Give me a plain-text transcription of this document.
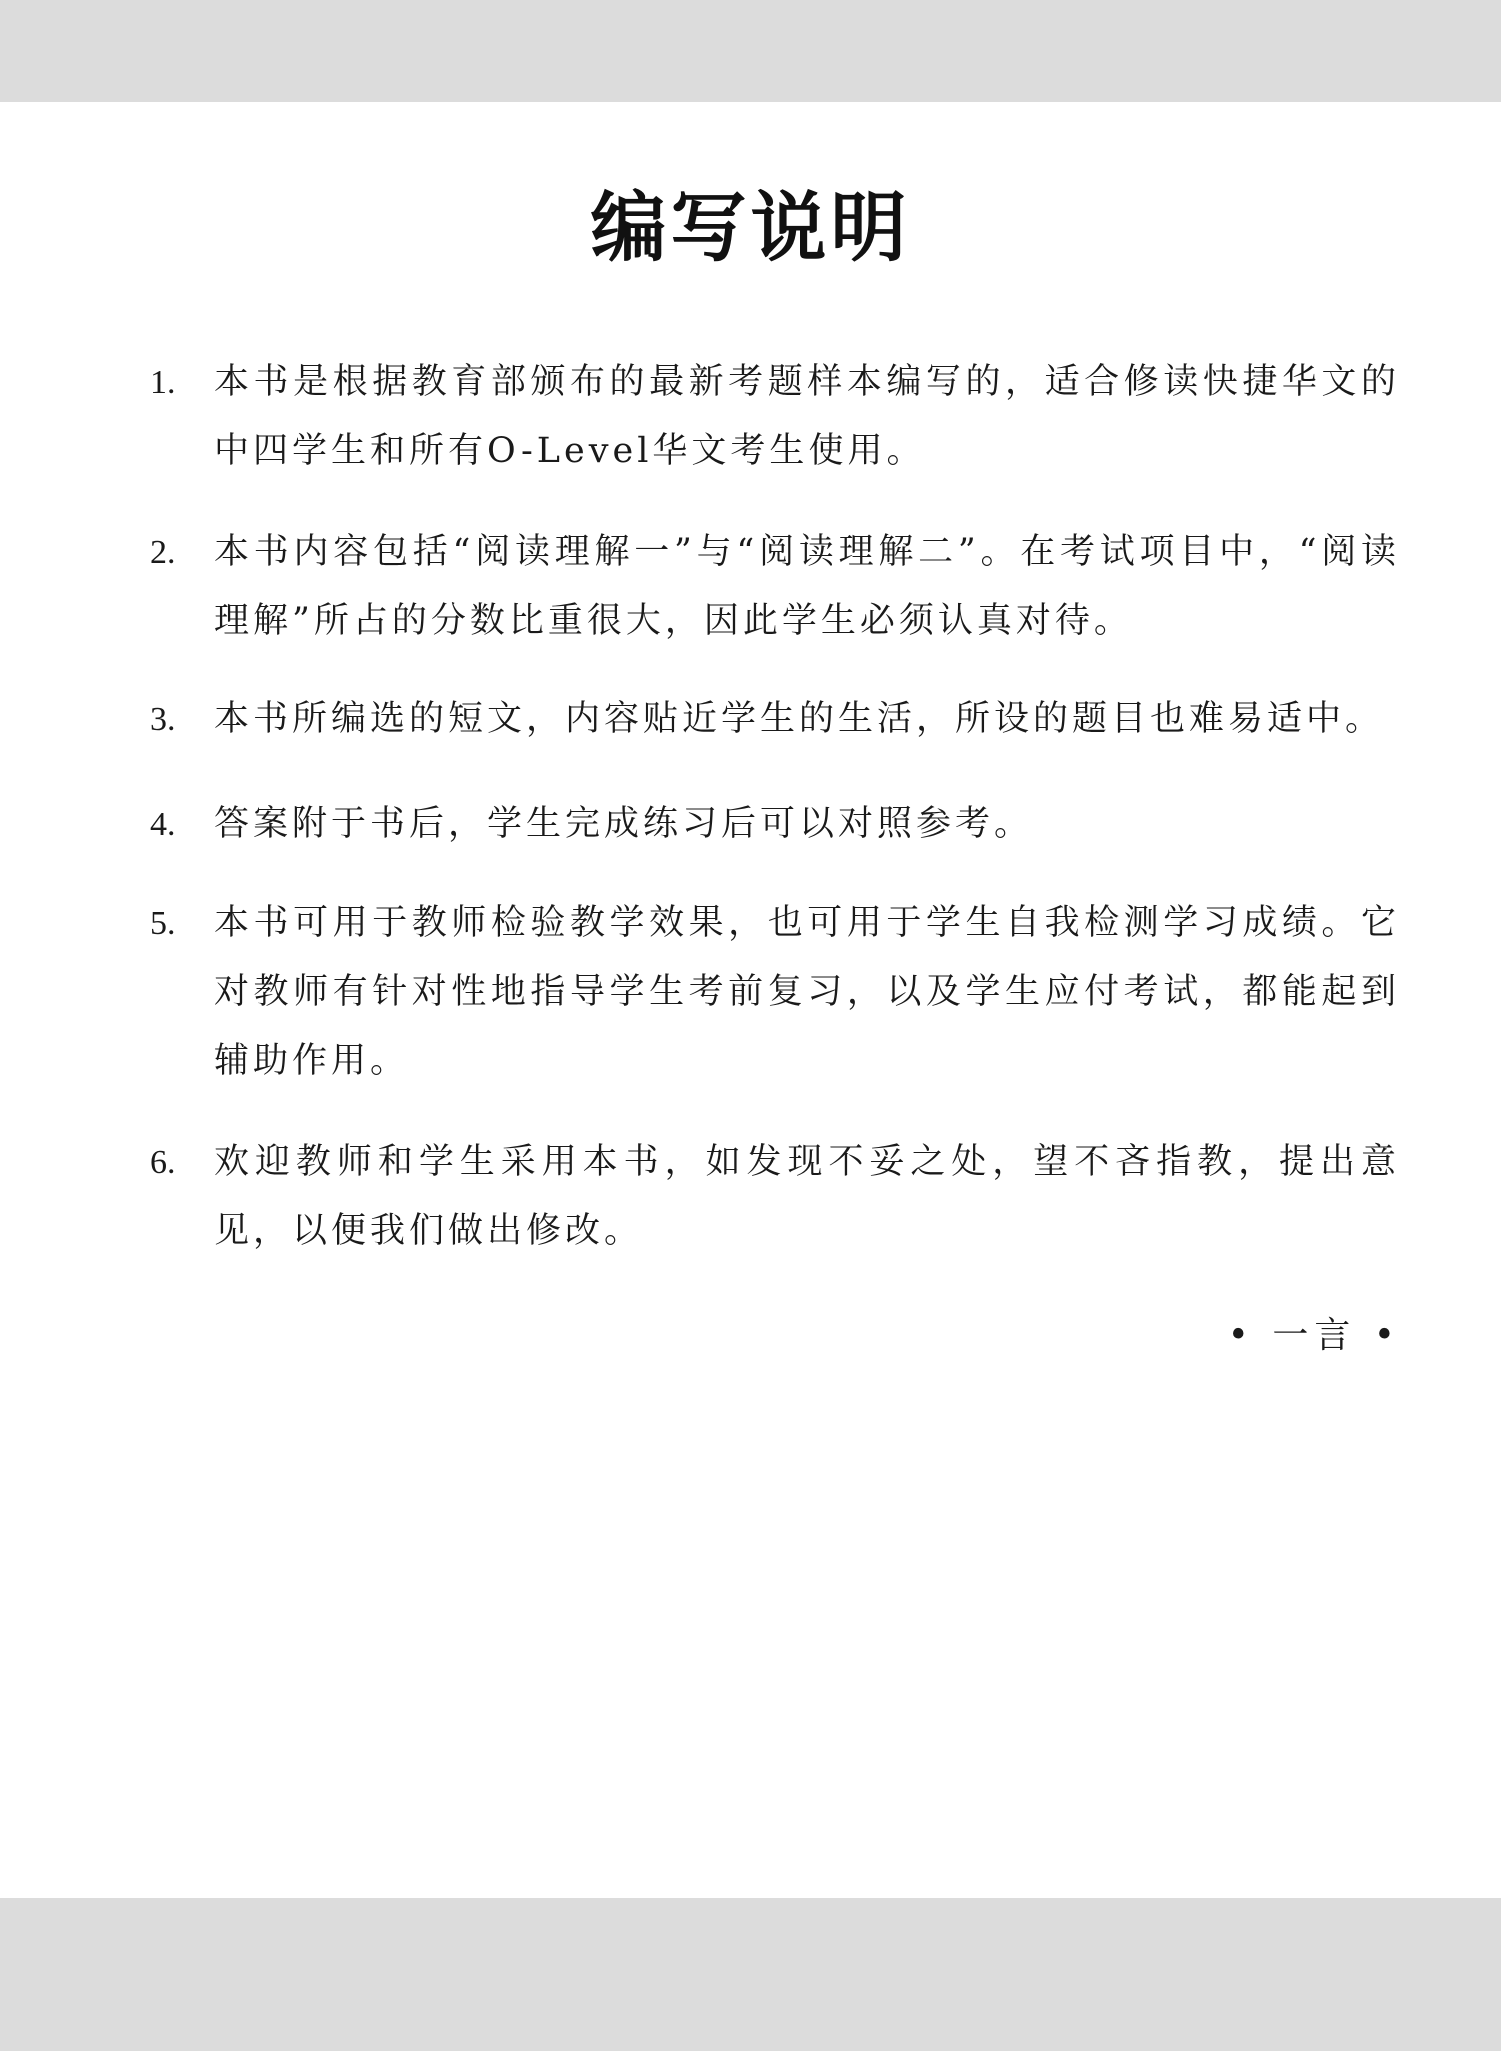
编写说明
1. 本书是根据教育部颁布的最新考题样本编写的，适合修读快捷华文的中四学生和所有O-Level华文考生使用。
2. 本书内容包括“阅读理解一”与“阅读理解二”。在考试项目中，“阅读理解”所占的分数比重很大，因此学生必须认真对待。
3. 本书所编选的短文，内容贴近学生的生活，所设的题目也难易适中。
4. 答案附于书后，学生完成练习后可以对照参考。
5. 本书可用于教师检验教学效果，也可用于学生自我检测学习成绩。它对教师有针对性地指导学生考前复习，以及学生应付考试，都能起到辅助作用。
6. 欢迎教师和学生采用本书，如发现不妥之处，望不吝指教，提出意见，以便我们做出修改。
• 一言 •
